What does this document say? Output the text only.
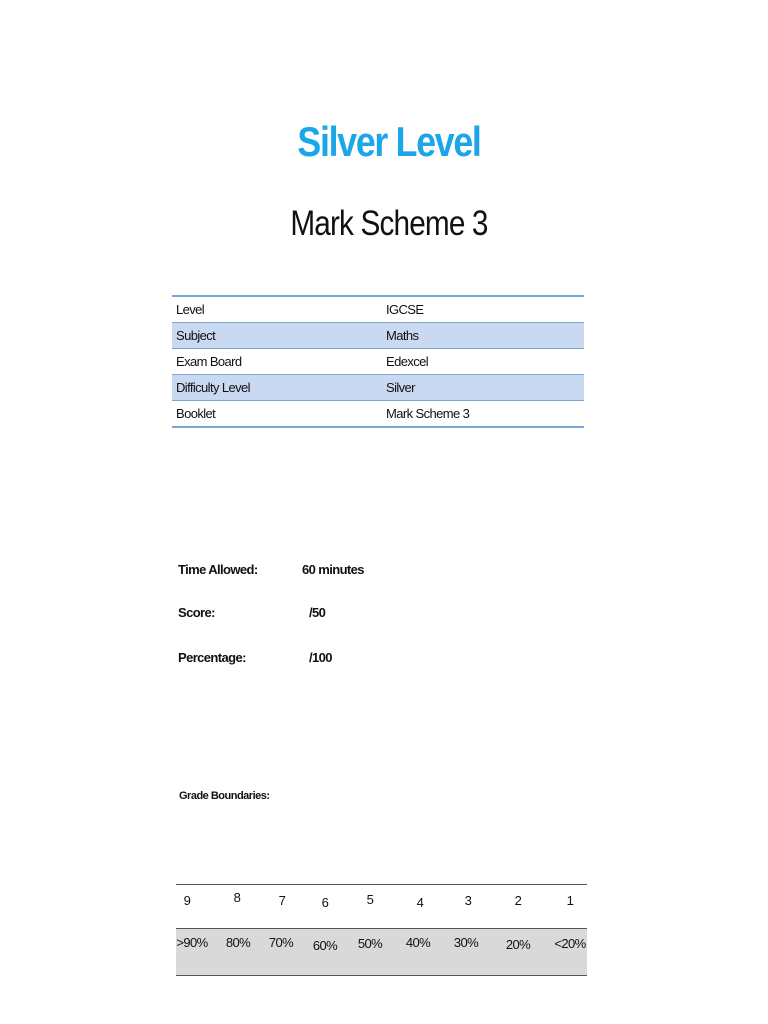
Silver Level
Mark Scheme 3
Level	IGCSE
Subject	Maths
Exam Board	Edexcel
Difficulty Level	Silver
Booklet	Mark Scheme 3
Time Allowed:	60 minutes
Score:	/50
Percentage:	/100
Grade Boundaries:
9	8	7	6	5	4	3	2	1
>90%	80%	70%	60%	50%	40%	30%	20%	<20%
